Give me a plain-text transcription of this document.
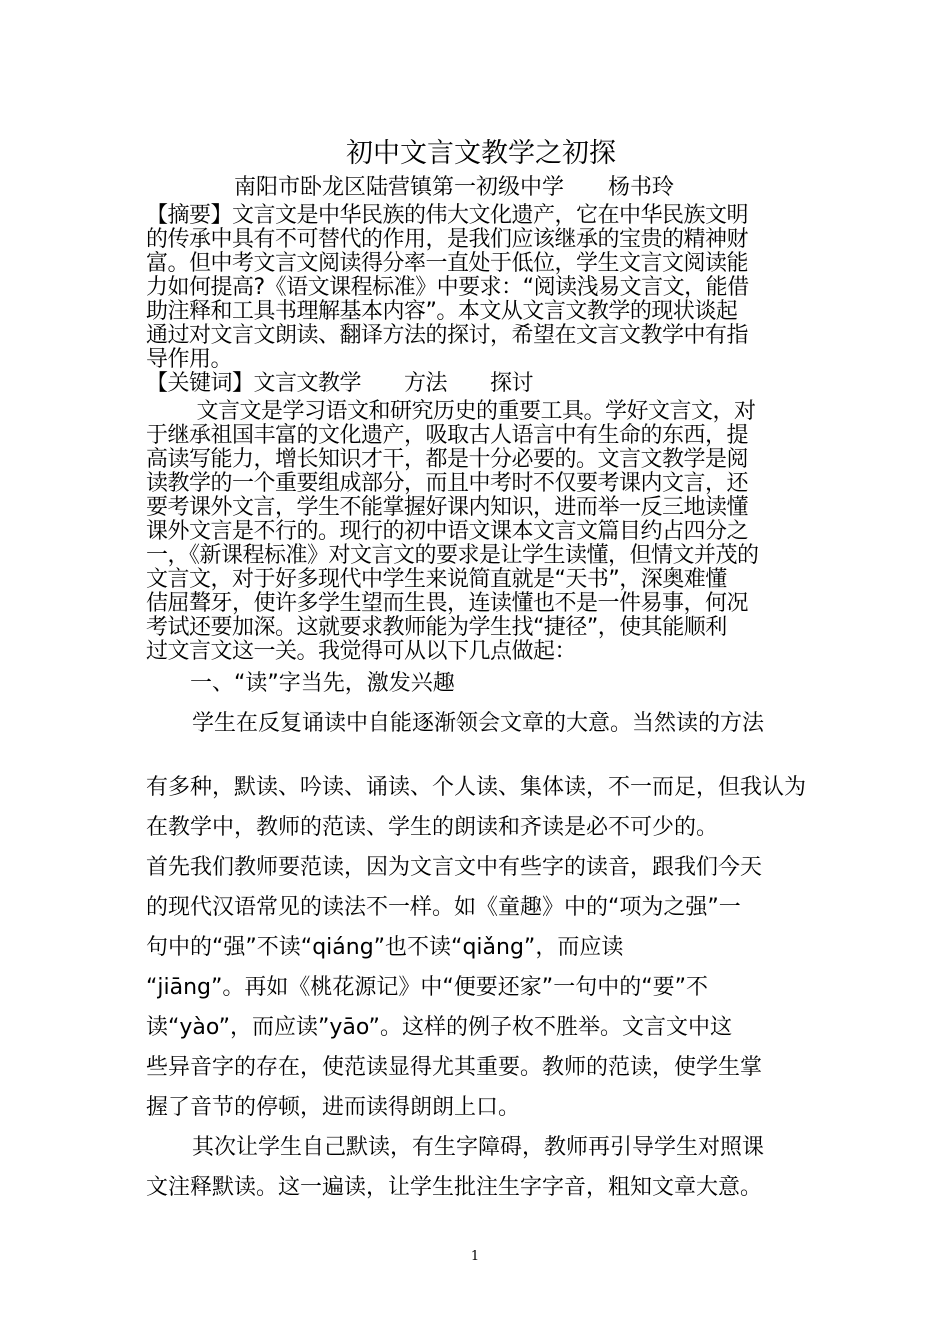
初中文言文教学之初探
南阳市卧龙区陆营镇第一初级中学　　杨书玲
【摘要】文言文是中华民族的伟大文化遗产，它在中华民族文明
的传承中具有不可替代的作用，是我们应该继承的宝贵的精神财
富。但中考文言文阅读得分率一直处于低位，学生文言文阅读能
力如何提高?《语文课程标准》中要求：“阅读浅易文言文，能借
助注释和工具书理解基本内容”。本文从文言文教学的现状谈起
通过对文言文朗读、翻译方法的探讨，希望在文言文教学中有指
导作用。
【关键词】文言文教学　　方法　　探讨
　文言文是学习语文和研究历史的重要工具。学好文言文，对
于继承祖国丰富的文化遗产，吸取古人语言中有生命的东西，提
高读写能力，增长知识才干，都是十分必要的。文言文教学是阅
读教学的一个重要组成部分，而且中考时不仅要考课内文言，还
要考课外文言，学生不能掌握好课内知识，进而举一反三地读懂
课外文言是不行的。现行的初中语文课本文言文篇目约占四分之
一，《新课程标准》对文言文的要求是让学生读懂，但情文并茂的
文言文，对于好多现代中学生来说简直就是“天书”，深奥难懂
佶屈聱牙，使许多学生望而生畏，连读懂也不是一件易事，何况
考试还要加深。这就要求教师能为学生找“捷径”，使其能顺利
过文言文这一关。我觉得可从以下几点做起：
一、“读”字当先，激发兴趣
学生在反复诵读中自能逐渐领会文章的大意。当然读的方法
有多种，默读、吟读、诵读、个人读、集体读，不一而足，但我认为
在教学中，教师的范读、学生的朗读和齐读是必不可少的。
首先我们教师要范读，因为文言文中有些字的读音，跟我们今天
的现代汉语常见的读法不一样。如《童趣》中的“项为之强”一
句中的“强”不读“qiáng”也不读“qiǎng”，而应读
“jiāng”。再如《桃花源记》中“便要还家”一句中的“要”不
读“yào”，而应读”yāo”。这样的例子枚不胜举。文言文中这
些异音字的存在，使范读显得尤其重要。教师的范读，使学生掌
握了音节的停顿，进而读得朗朗上口。
其次让学生自己默读，有生字障碍，教师再引导学生对照课
文注释默读。这一遍读，让学生批注生字字音，粗知文章大意。
1
